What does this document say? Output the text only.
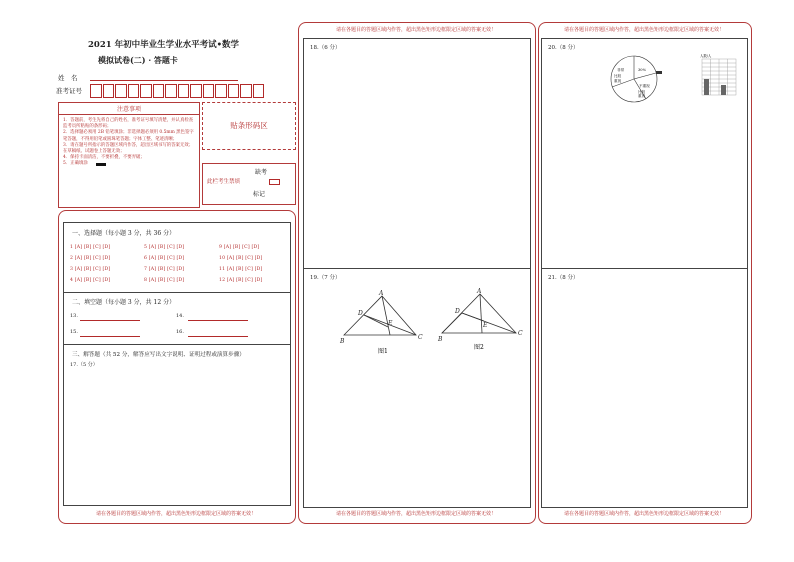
2021 年初中毕业生学业水平考试•数学
模拟试卷(二) · 答题卡
姓　名
准考证号
注意事项
1．答题前，考生先将自己的姓名，准考证号填写清楚，并认真检查监考员所粘贴的条形码；
2．选择题必须用 2B 铅笔填涂；非选择题必须用 0.5mm 黑色签字笔答题，不得用铅笔或圆珠笔答题；字体工整、笔迹清晰；
3．请在题号所指示的答题区域内作答，超出区域书写的答案无效；在草稿纸、试题卷上答题无效；
4．保持卡面清洁，不要折叠，不要弄破；
5．正确填涂
贴条形码区
缺考
此栏考生禁填
标记
一、选择题（每小题 3 分，共 36 分）
1 [A] [B] [C] [D]	5 [A] [B] [C] [D]	9 [A] [B] [C] [D]
2 [A] [B] [C] [D]	6 [A] [B] [C] [D]	10 [A] [B] [C] [D]
3 [A] [B] [C] [D]	7 [A] [B] [C] [D]	11 [A] [B] [C] [D]
4 [A] [B] [C] [D]	8 [A] [B] [C] [D]	12 [A] [B] [C] [D]
二、填空题（每小题 3 分，共 12 分）
13.	14.
15.	16.
三、解答题（共 52 分，解答应写出文字说明、证明过程或演算步骤）
17.（5 分）
请在各题目的答题区域内作答，超出黑色矩形边框限定区域的答案无效！
请在各题目的答题区域内作答，超出黑色矩形边框限定区域的答案无效！
18.（6 分）
19.（7 分）
A
D
E
B
C
图1
A
D
E
B
C
图2
请在各题目的答题区域内作答，超出黑色矩形边框限定区域的答案无效！
请在各题目的答题区域内作答，超出黑色矩形边框限定区域的答案无效！
20.（8 分）
非常
比较
重视
30%
不重视
比较
重视
人数/人
21.（8 分）
请在各题目的答题区域内作答，超出黑色矩形边框限定区域的答案无效！
